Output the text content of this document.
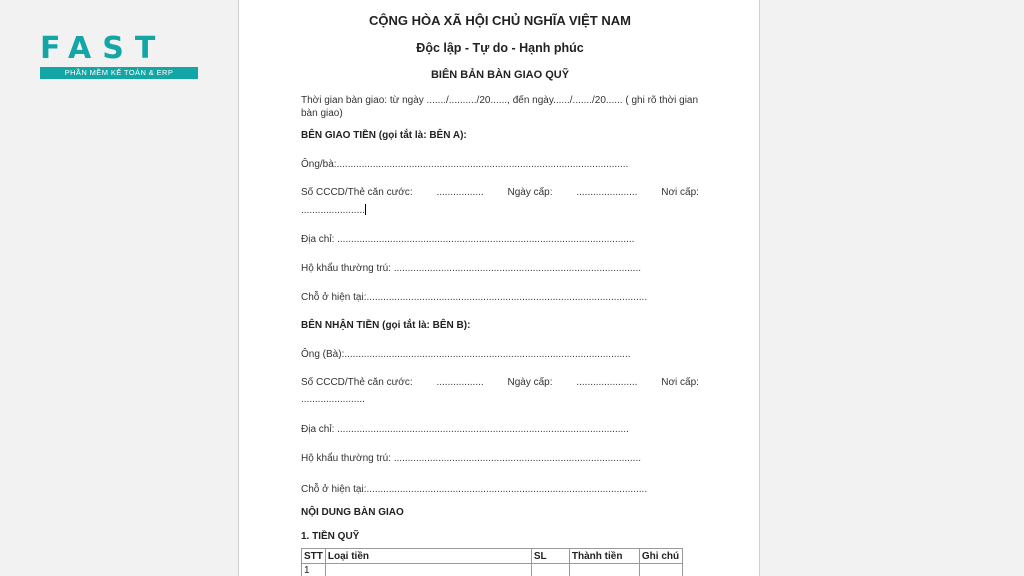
FAST
PHẦN MỀM KẾ TOÁN & ERP
CỘNG HÒA XÃ HỘI CHỦ NGHĨA VIỆT NAM
Độc lập - Tự do - Hạnh phúc
BIÊN BẢN BÀN GIAO QUỸ
Thời gian bàn giao: từ ngày ......./........../20......, đến ngày....../......./20...... ( ghi rõ thời gian bàn giao)
BÊN GIAO TIỀN (gọi tắt là: BÊN A):
Ông/bà:.........................................................................................................
Số CCCD/Thẻ căn cước: ................. Ngày cấp: ...................... Nơi cấp:
.......................
Địa chỉ: ...........................................................................................................
Hộ khẩu thường trú: .........................................................................................
Chỗ ở hiện tại:.....................................................................................................
BÊN NHẬN TIỀN (gọi tắt là: BÊN B):
Ông (Bà):.......................................................................................................
Số CCCD/Thẻ căn cước: ................. Ngày cấp: ...................... Nơi cấp:
.......................
Địa chỉ: .........................................................................................................
Hộ khẩu thường trú: .........................................................................................
Chỗ ở hiện tại:.....................................................................................................
NỘI DUNG BÀN GIAO
1. TIỀN QUỸ
STT	Loại tiền	SL	Thành tiền	Ghi chú
1				
